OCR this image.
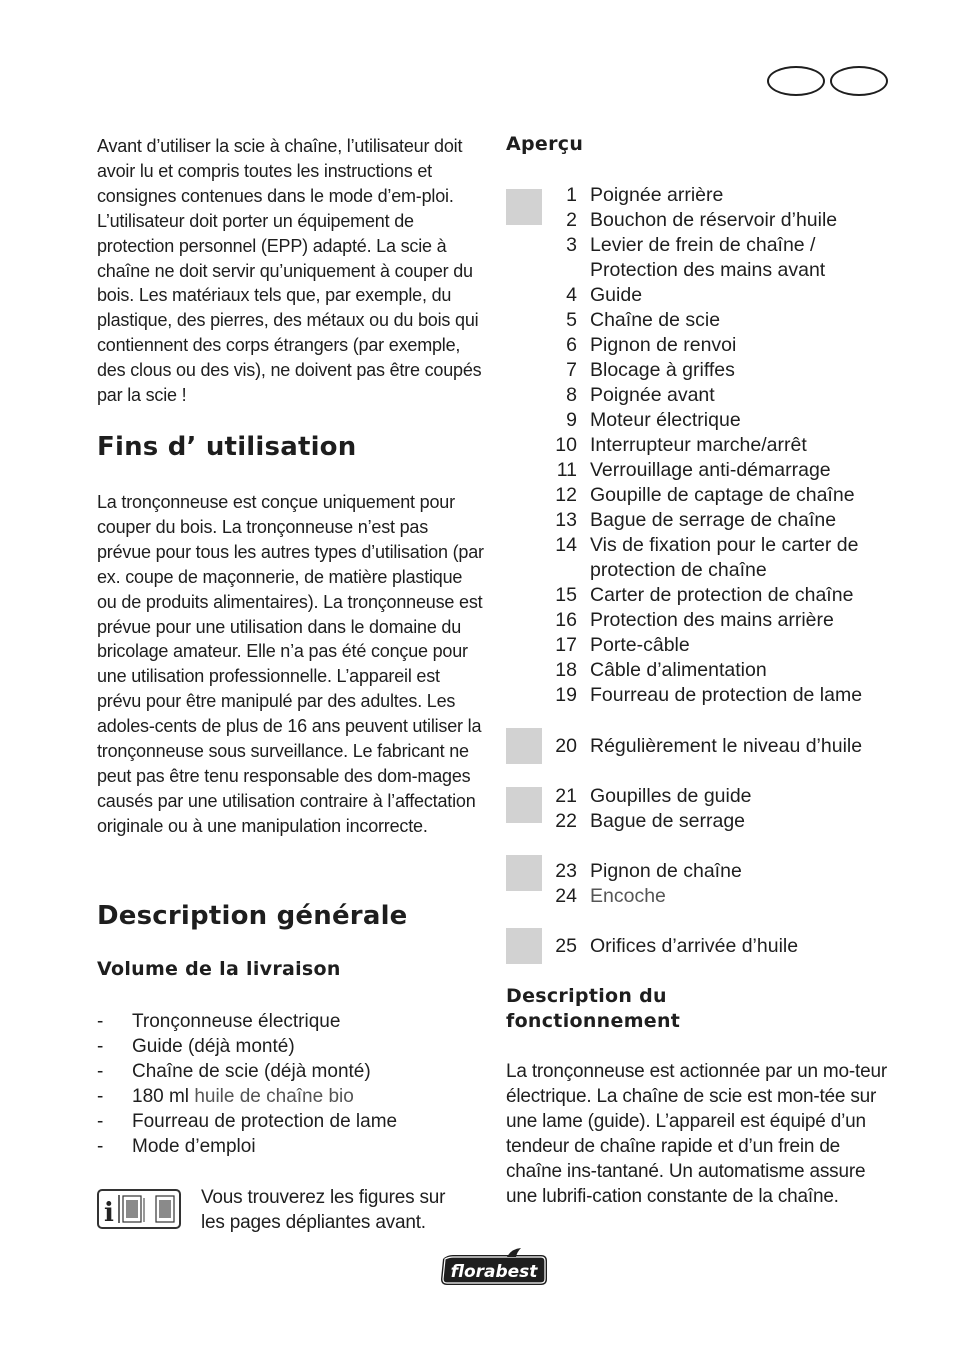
Avant d’utiliser la scie à chaîne, l’utilisateur doit avoir lu et compris toutes les instructions et consignes contenues dans le mode d’em-ploi. L’utilisateur doit porter un équipement de protection personnel (EPP) adapté. La scie à chaîne ne doit servir qu’uniquement à couper du bois. Les matériaux tels que, par exemple, du plastique, des pierres, des métaux ou du bois qui contiennent des corps étrangers (par exemple, des clous ou des vis), ne doivent pas être coupés par la scie !

Fins d’ utilisation

La tronçonneuse est conçue uniquement pour couper du bois. La tronçonneuse n’est pas prévue pour tous les autres types d’utilisation (par ex. coupe de maçonnerie, de matière plastique ou de produits alimentaires). La tronçonneuse est prévue pour une utilisation dans le domaine du bricolage amateur. Elle n’a pas été conçue pour une utilisation professionnelle. L’appareil est prévu pour être manipulé par des adultes. Les adoles-cents de plus de 16 ans peuvent utiliser la tronçonneuse sous surveillance. Le fabricant ne peut pas être tenu responsable des dom-mages causés par une utilisation contraire à l’affectation originale ou à une manipulation incorrecte.

Description générale
Volume de la livraison
- Tronçonneuse électrique
- Guide (déjà monté)
- Chaîne de scie (déjà monté)
- 180 ml huile de chaîne bio
- Fourreau de protection de lame
- Mode d’emploi
i

Vous trouverez les figures sur les pages dépliantes avant.

Aperçu
1 Poignée arrière
2 Bouchon de réservoir d’huile
3 Levier de frein de chaîne / Protection des mains avant
4 Guide
5 Chaîne de scie
6 Pignon de renvoi
7 Blocage à griffes
8 Poignée avant
9 Moteur électrique
10 Interrupteur marche/arrêt
11 Verrouillage anti-démarrage
12 Goupille de captage de chaîne
13 Bague de serrage de chaîne
14 Vis de fixation pour le carter de protection de chaîne
15 Carter de protection de chaîne
16 Protection des mains arrière
17 Porte-câble
18 Câble d’alimentation
19 Fourreau de protection de lame
20 Régulièrement le niveau d’huile
21 Goupilles de guide
22 Bague de serrage
23 Pignon de chaîne
24 Encoche
25 Orifices d’arrivée d’huile
Description du
fonctionnement

La tronçonneuse est actionnée par un mo-teur électrique. La chaîne de scie est mon-tée sur une lame (guide). L’appareil est équipé d’un tendeur de chaîne rapide et d’un frein de chaîne ins-tantané. Un automatisme assure une lubrifi-cation constante de la chaîne.

florabest
